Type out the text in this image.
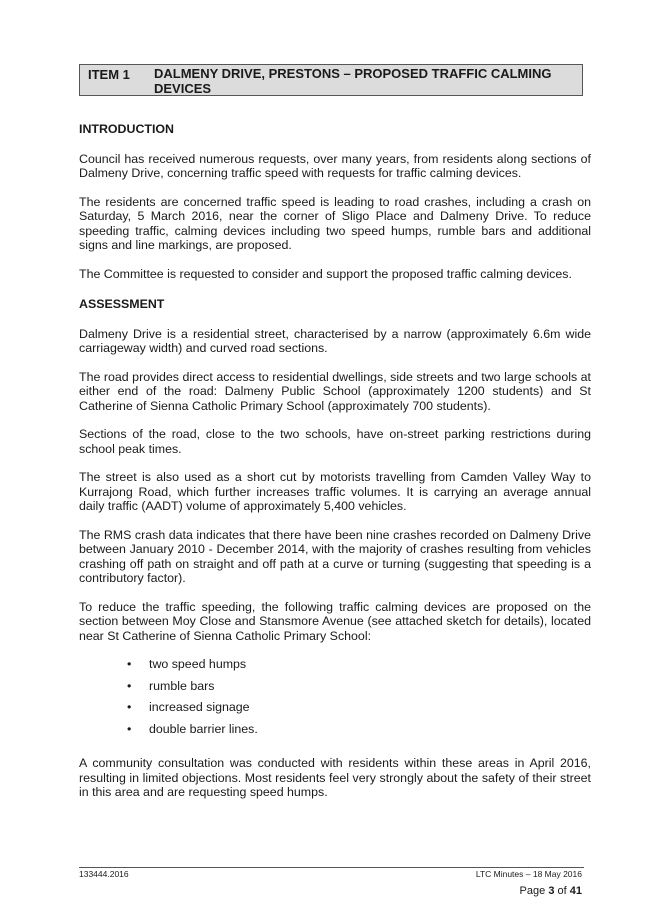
ITEM 1 DALMENY DRIVE, PRESTONS – PROPOSED TRAFFIC CALMING DEVICES
INTRODUCTION

Council has received numerous requests, over many years, from residents along sections of Dalmeny Drive, concerning traffic speed with requests for traffic calming devices.

The residents are concerned traffic speed is leading to road crashes, including a crash on Saturday, 5 March 2016, near the corner of Sligo Place and Dalmeny Drive. To reduce speeding traffic, calming devices including two speed humps, rumble bars and additional signs and line markings, are proposed.

The Committee is requested to consider and support the proposed traffic calming devices.

ASSESSMENT

Dalmeny Drive is a residential street, characterised by a narrow (approximately 6.6m wide carriageway width) and curved road sections.

The road provides direct access to residential dwellings, side streets and two large schools at either end of the road: Dalmeny Public School (approximately 1200 students) and St Catherine of Sienna Catholic Primary School (approximately 700 students).

Sections of the road, close to the two schools, have on-street parking restrictions during school peak times.

The street is also used as a short cut by motorists travelling from Camden Valley Way to Kurrajong Road, which further increases traffic volumes. It is carrying an average annual daily traffic (AADT) volume of approximately 5,400 vehicles.

The RMS crash data indicates that there have been nine crashes recorded on Dalmeny Drive between January 2010 - December 2014, with the majority of crashes resulting from vehicles crashing off path on straight and off path at a curve or turning (suggesting that speeding is a contributory factor).

To reduce the traffic speeding, the following traffic calming devices are proposed on the section between Moy Close and Stansmore Avenue (see attached sketch for details), located near St Catherine of Sienna Catholic Primary School:

• two speed humps
• rumble bars
• increased signage
• double barrier lines.

A community consultation was conducted with residents within these areas in April 2016, resulting in limited objections. Most residents feel very strongly about the safety of their street in this area and are requesting speed humps.

133444.2016	LTC Minutes – 18 May 2016
Page 3 of 41
